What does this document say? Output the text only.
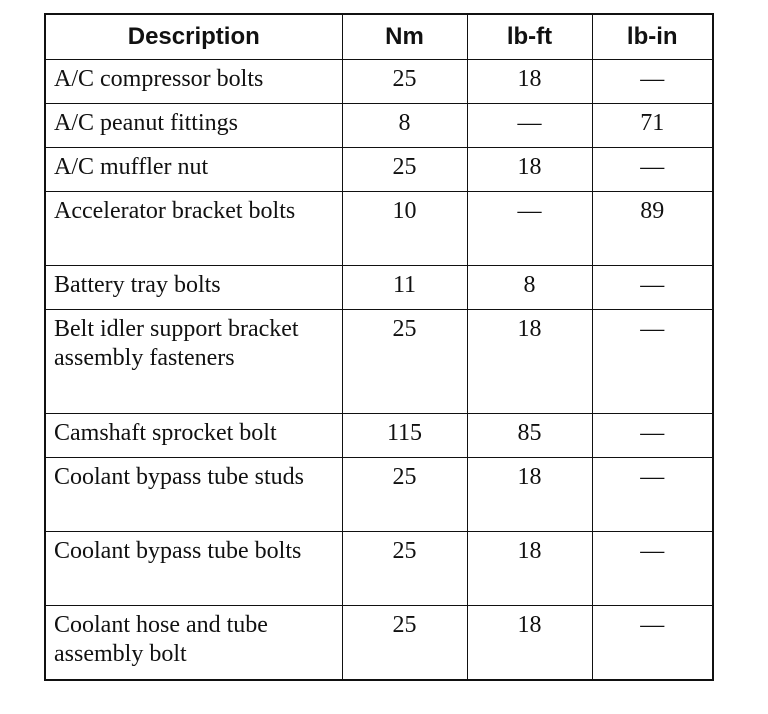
Description	Nm	lb-ft	lb-in
A/C compressor bolts	25	18	—
A/C peanut fittings	8	—	71
A/C muffler nut	25	18	—
Accelerator bracket bolts	10	—	89
Battery tray bolts	11	8	—
Belt idler support bracket assembly fasteners	25	18	—
Camshaft sprocket bolt	115	85	—
Coolant bypass tube studs	25	18	—
Coolant bypass tube bolts	25	18	—
Coolant hose and tube assembly bolt	25	18	—
